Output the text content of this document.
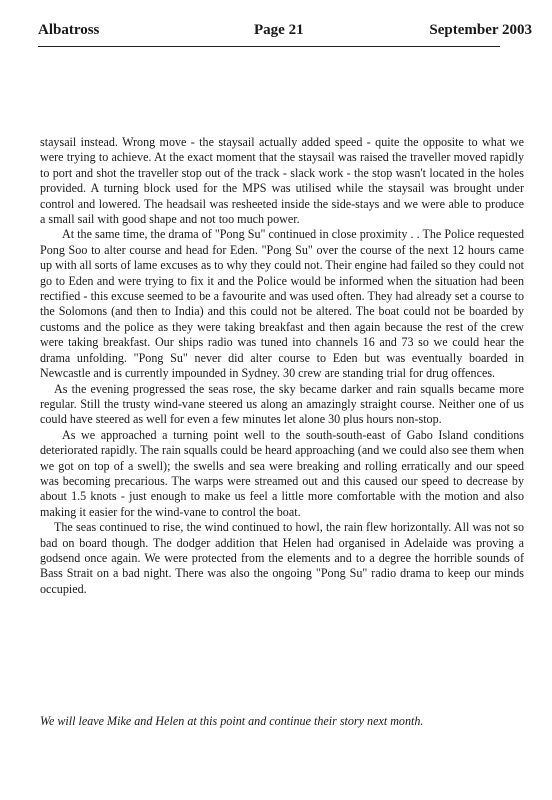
Albatross	Page 21	September 2003

staysail instead. Wrong move - the staysail actually added speed - quite the opposite to what we were trying to achieve. At the exact moment that the staysail was raised the traveller moved rapidly to port and shot the traveller stop out of the track - slack work - the stop wasn't located in the holes provided. A turning block used for the MPS was utilised while the staysail was brought under control and lowered. The headsail was resheeted inside the side-stays and we were able to produce a small sail with good shape and not too much power.

At the same time, the drama of "Pong Su" continued in close proximity . . The Police requested Pong Soo to alter course and head for Eden. "Pong Su" over the course of the next 12 hours came up with all sorts of lame excuses as to why they could not. Their engine had failed so they could not go to Eden and were trying to fix it and the Police would be informed when the situation had been rectified - this excuse seemed to be a favourite and was used often. They had already set a course to the Solomons (and then to India) and this could not be altered. The boat could not be boarded by customs and the police as they were taking breakfast and then again because the rest of the crew were taking breakfast. Our ships radio was tuned into channels 16 and 73 so we could hear the drama unfolding. "Pong Su" never did alter course to Eden but was eventually boarded in Newcastle and is currently impounded in Sydney. 30 crew are standing trial for drug offences.

As the evening progressed the seas rose, the sky became darker and rain squalls became more regular. Still the trusty wind-vane steered us along an amazingly straight course. Neither one of us could have steered as well for even a few minutes let alone 30 plus hours non-stop.

As we approached a turning point well to the south-south-east of Gabo Island conditions deteriorated rapidly. The rain squalls could be heard approaching (and we could also see them when we got on top of a swell); the swells and sea were breaking and rolling erratically and our speed was becoming precarious. The warps were streamed out and this caused our speed to decrease by about 1.5 knots - just enough to make us feel a little more comfortable with the motion and also making it easier for the wind-vane to control the boat.

The seas continued to rise, the wind continued to howl, the rain flew horizontally. All was not so bad on board though. The dodger addition that Helen had organised in Adelaide was proving a godsend once again. We were protected from the elements and to a degree the horrible sounds of Bass Strait on a bad night. There was also the ongoing "Pong Su" radio drama to keep our minds occupied.

We will leave Mike and Helen at this point and continue their story next month.
